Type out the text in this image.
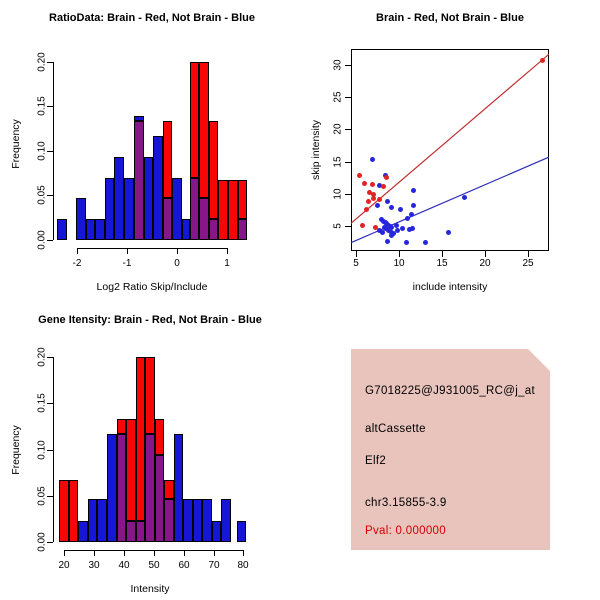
RatioData: Brain - Red, Not Brain - Blue
Log2 Ratio Skip/Include
Frequency
-2	-1	0	1
0.00
0.05
0.10
0.15
0.20
Brain - Red, Not Brain - Blue
include intensity
skip intensity
5	10	15	20	25
5
10
15
20
25
30
Gene Itensity: Brain - Red, Not Brain - Blue
Intensity
Frequency
20 30 40 50 60 70 80
0.00
0.05
0.10
0.15
0.20
G7018225@J931005_RC@j_at
altCassette
Elf2
chr3.15855-3.9
Pval: 0.000000
